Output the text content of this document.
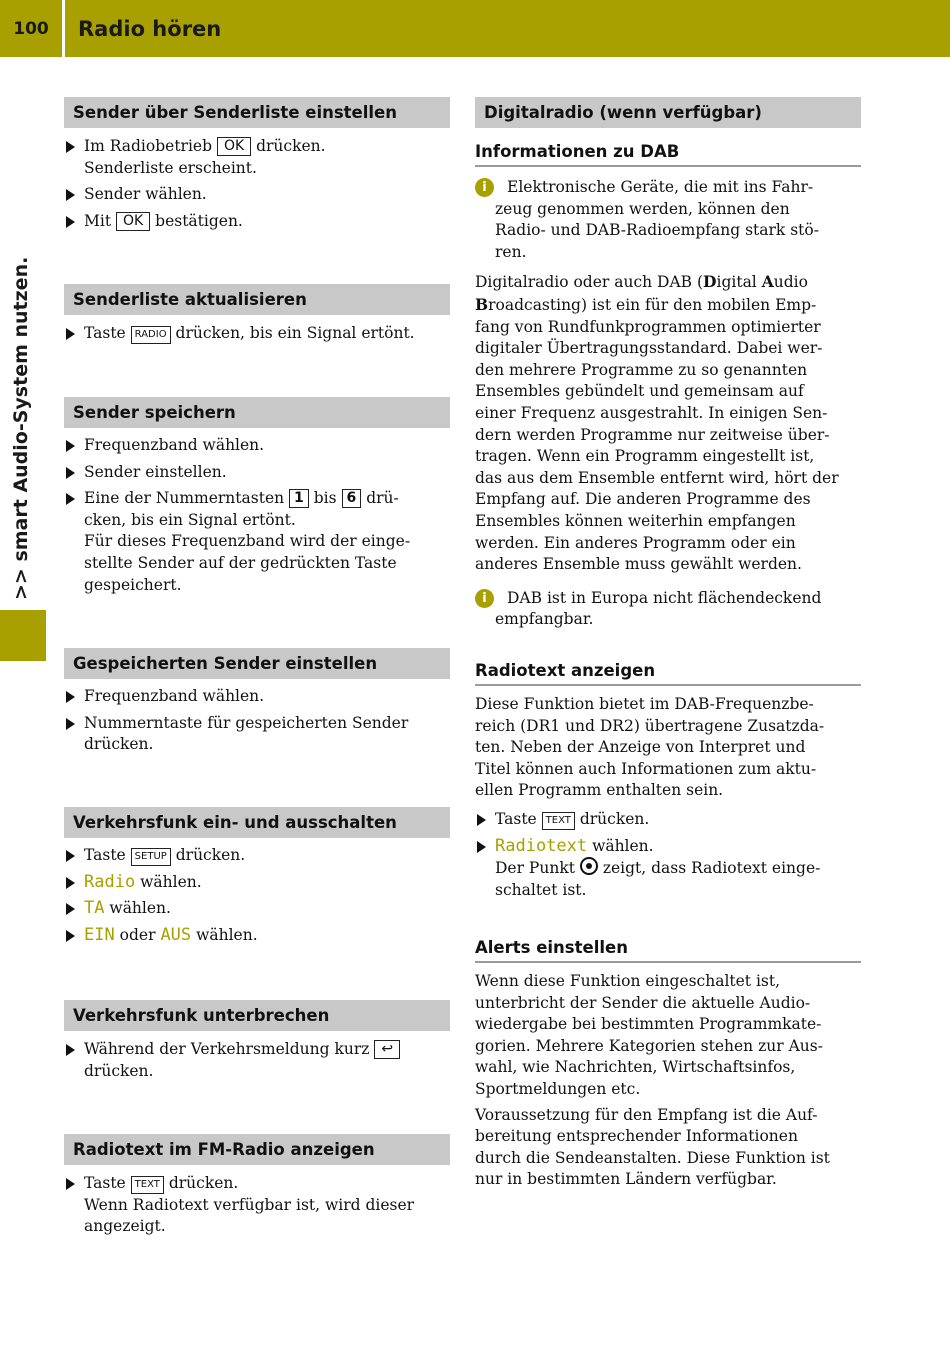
100	Radio hören
>> smart Audio-System nutzen.
Sender über Senderliste einstellen
Im Radiobetrieb OK drücken.
Senderliste erscheint.
Sender wählen.
Mit OK bestätigen.
Senderliste aktualisieren
Taste RADIO drücken, bis ein Signal ertönt.
Sender speichern
Frequenzband wählen.
Sender einstellen.
Eine der Nummerntasten 1 bis 6 drü-
cken, bis ein Signal ertönt.
Für dieses Frequenzband wird der einge-
stellte Sender auf der gedrückten Taste
gespeichert.
Gespeicherten Sender einstellen
Frequenzband wählen.
Nummerntaste für gespeicherten Sender
drücken.
Verkehrsfunk ein- und ausschalten
Taste SETUP drücken.
Radio wählen.
TA wählen.
EIN oder AUS wählen.
Verkehrsfunk unterbrechen
Während der Verkehrsmeldung kurz ↩
drücken.
Radiotext im FM-Radio anzeigen
Taste TEXT drücken.
Wenn Radiotext verfügbar ist, wird dieser
angezeigt.
Digitalradio (wenn verfügbar)
Informationen zu DAB
i	Elektronische Geräte, die mit ins Fahr-
zeug genommen werden, können den
Radio- und DAB-Radioempfang stark stö-
ren.
Digitalradio oder auch DAB (Digital Audio
Broadcasting) ist ein für den mobilen Emp-
fang von Rundfunkprogrammen optimierter
digitaler Übertragungsstandard. Dabei wer-
den mehrere Programme zu so genannten
Ensembles gebündelt und gemeinsam auf
einer Frequenz ausgestrahlt. In einigen Sen-
dern werden Programme nur zeitweise über-
tragen. Wenn ein Programm eingestellt ist,
das aus dem Ensemble entfernt wird, hört der
Empfang auf. Die anderen Programme des
Ensembles können weiterhin empfangen
werden. Ein anderes Programm oder ein
anderes Ensemble muss gewählt werden.
i	DAB ist in Europa nicht flächendeckend
empfangbar.
Radiotext anzeigen
Diese Funktion bietet im DAB-Frequenzbe-
reich (DR1 und DR2) übertragene Zusatzda-
ten. Neben der Anzeige von Interpret und
Titel können auch Informationen zum aktu-
ellen Programm enthalten sein.
Taste TEXT drücken.
Radiotext wählen.
Der Punkt zeigt, dass Radiotext einge-
schaltet ist.
Alerts einstellen
Wenn diese Funktion eingeschaltet ist,
unterbricht der Sender die aktuelle Audio-
wiedergabe bei bestimmten Programmkate-
gorien. Mehrere Kategorien stehen zur Aus-
wahl, wie Nachrichten, Wirtschaftsinfos,
Sportmeldungen etc.
Voraussetzung für den Empfang ist die Auf-
bereitung entsprechender Informationen
durch die Sendeanstalten. Diese Funktion ist
nur in bestimmten Ländern verfügbar.
